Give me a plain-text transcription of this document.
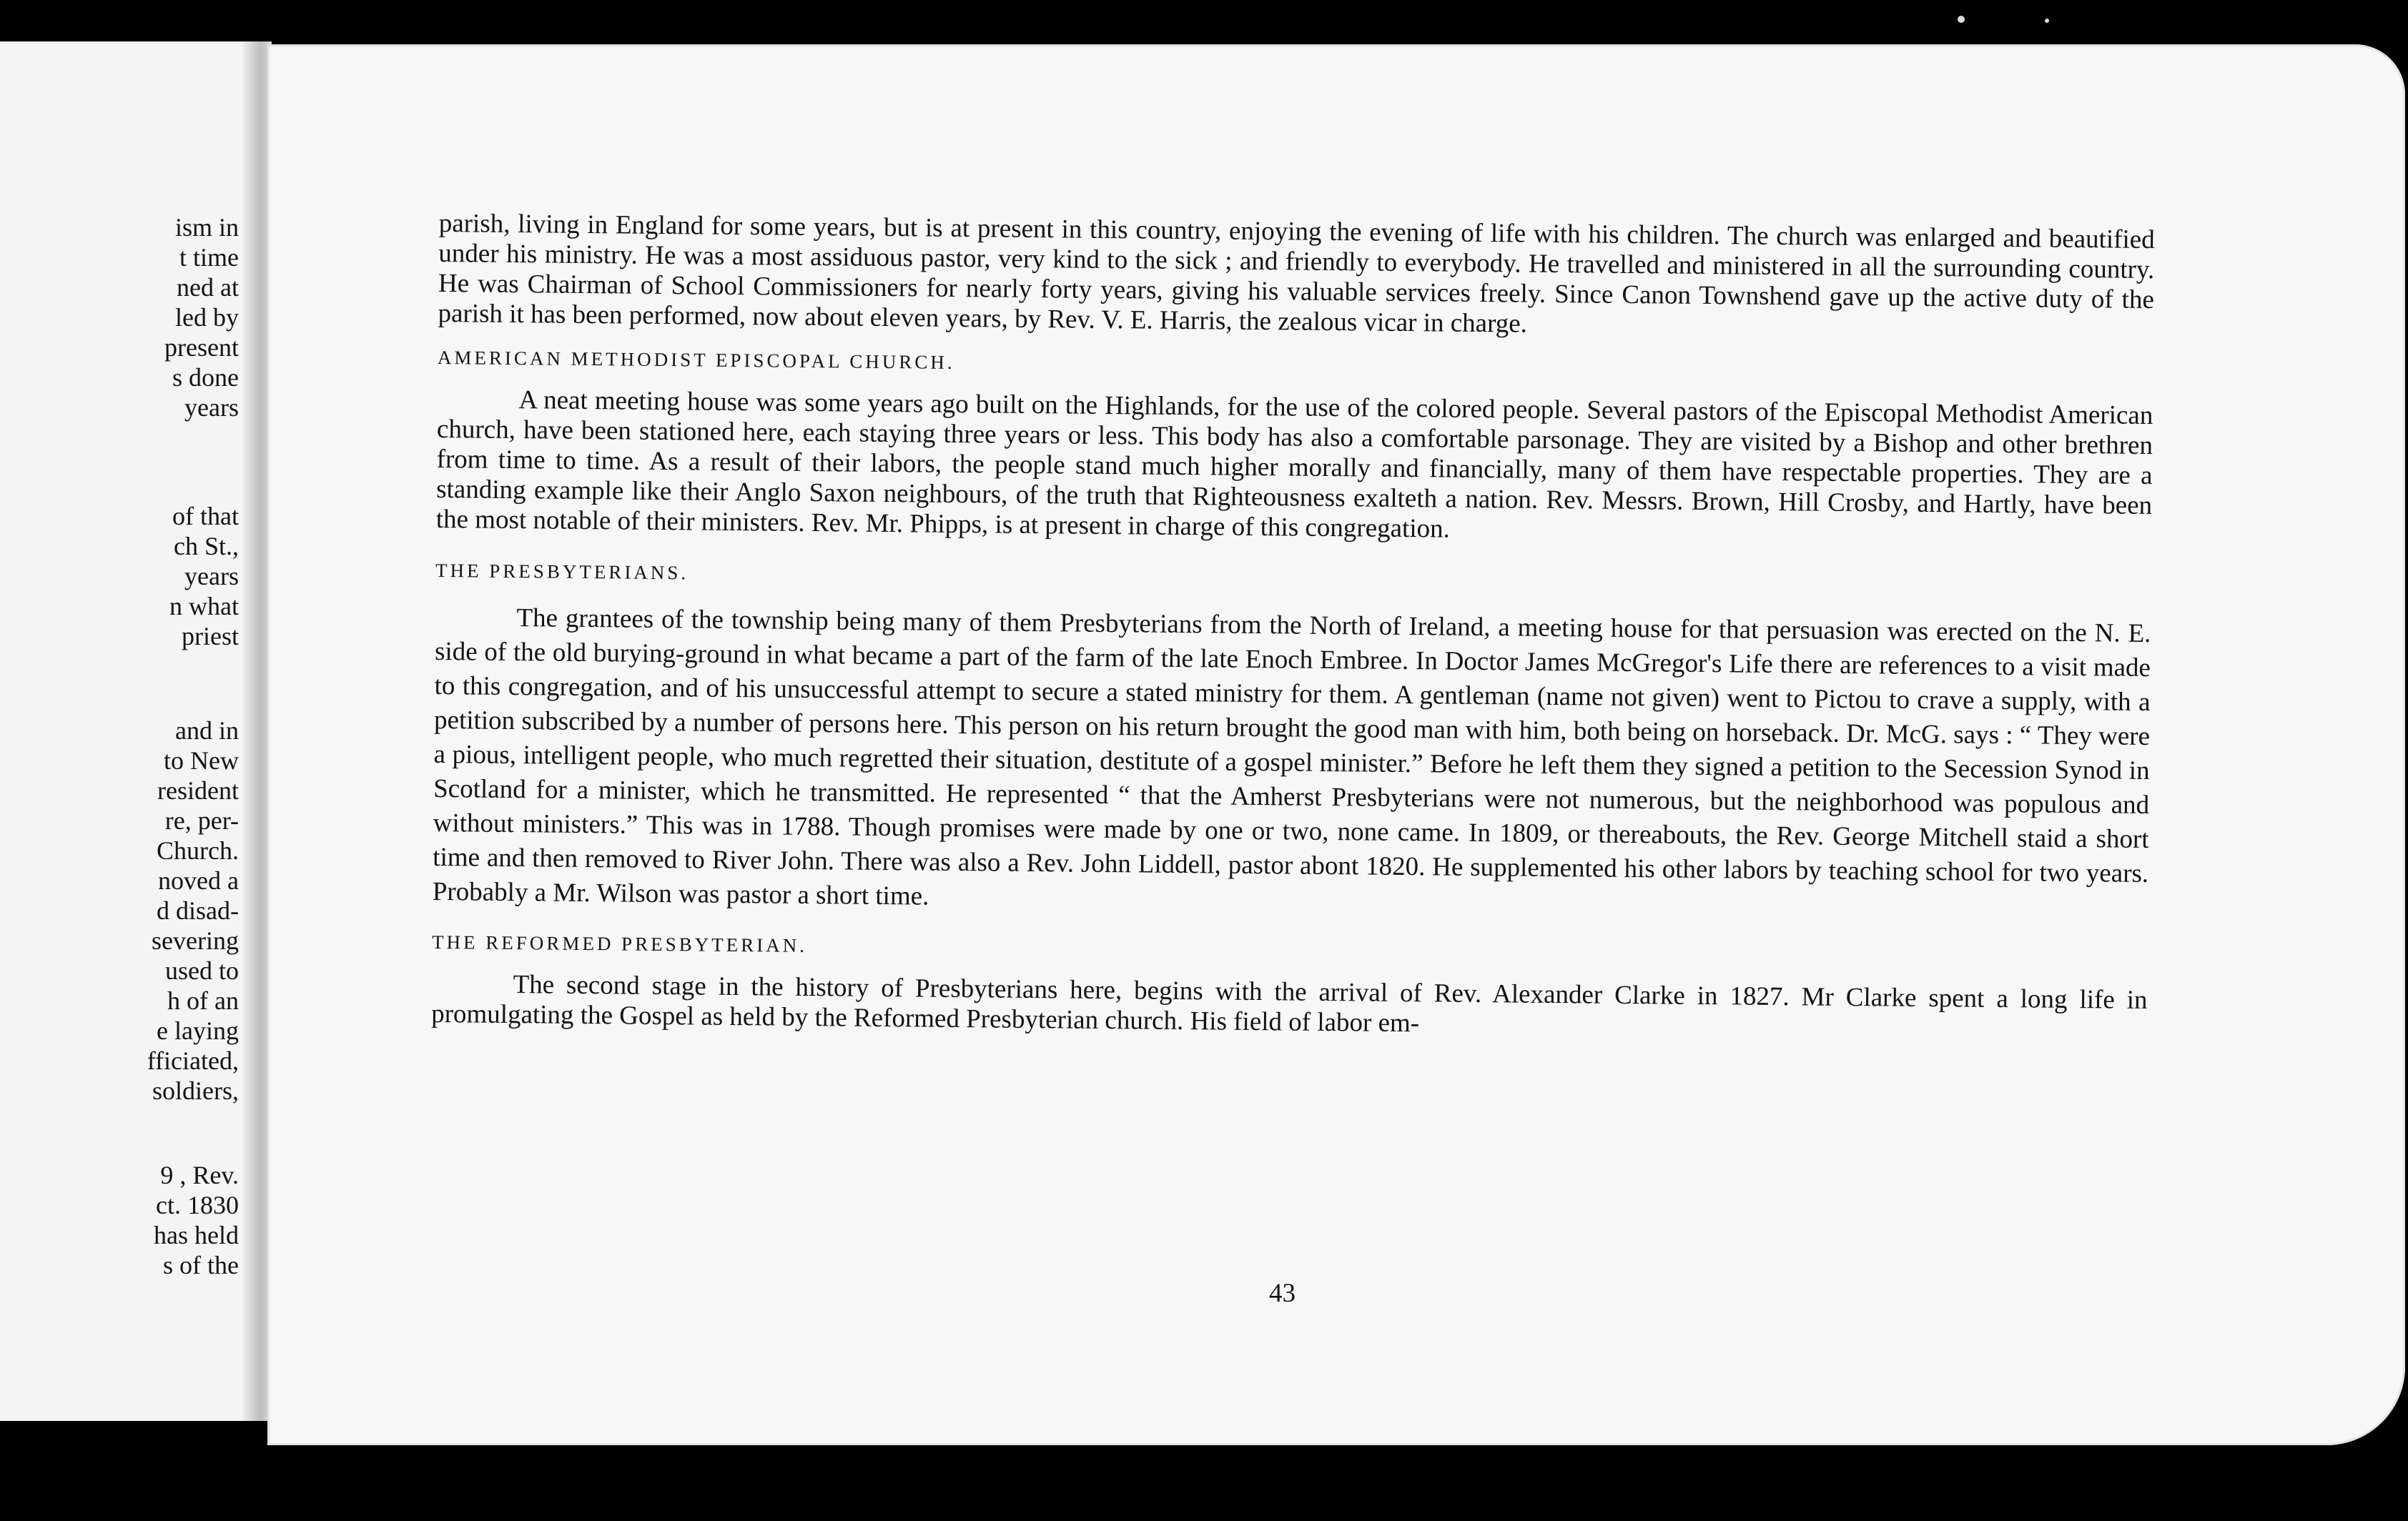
ism in
t time
ned at
led by
present
s done
years
of that
ch St.,
years
n what
priest
and in
to New
resident
re, per-
Church.
noved a
d disad-
severing
used to
h of an
e laying
fficiated,
soldiers,
9 , Rev.
ct. 1830
has held
s of the

parish, living in England for some years, but is at present in this country, enjoying the evening of life with his children. The church was enlarged and beautified under his ministry. He was a most assiduous pastor, very kind to the sick ; and friendly to everybody. He travelled and ministered in all the surrounding country. He was Chairman of School Commissioners for nearly forty years, giving his valuable services freely. Since Canon Townshend gave up the active duty of the parish it has been performed, now about eleven years, by Rev. V. E. Harris, the zealous vicar in charge.

AMERICAN METHODIST EPISCOPAL CHURCH.

A neat meeting house was some years ago built on the Highlands, for the use of the colored people. Several pastors of the Episcopal Methodist American church, have been stationed here, each staying three years or less. This body has also a comfortable parsonage. They are visited by a Bishop and other brethren from time to time. As a result of their labors, the people stand much higher morally and financially, many of them have respectable properties. They are a standing example like their Anglo Saxon neighbours, of the truth that Righteousness exalteth a nation. Rev. Messrs. Brown, Hill Crosby, and Hartly, have been the most notable of their ministers. Rev. Mr. Phipps, is at present in charge of this congregation.

THE PRESBYTERIANS.

The grantees of the township being many of them Presbyterians from the North of Ireland, a meeting house for that persuasion was erected on the N. E. side of the old burying-ground in what became a part of the farm of the late Enoch Embree. In Doctor James McGregor's Life there are references to a visit made to this congregation, and of his unsuccessful attempt to secure a stated ministry for them. A gentleman (name not given) went to Pictou to crave a supply, with a petition subscribed by a number of persons here. This person on his return brought the good man with him, both being on horseback. Dr. McG. says : “ They were a pious, intelligent people, who much regretted their situation, destitute of a gospel minister.” Before he left them they signed a petition to the Secession Synod in Scotland for a minister, which he transmitted. He represented “ that the Amherst Presbyterians were not numerous, but the neighborhood was populous and without ministers.” This was in 1788. Though promises were made by one or two, none came. In 1809, or thereabouts, the Rev. George Mitchell staid a short time and then removed to River John. There was also a Rev. John Liddell, pastor abont 1820. He supplemented his other labors by teaching school for two years. Probably a Mr. Wilson was pastor a short time.

THE REFORMED PRESBYTERIAN.

The second stage in the history of Presbyterians here, begins with the arrival of Rev. Alexander Clarke in 1827. Mr Clarke spent a long life in promulgating the Gospel as held by the Reformed Presbyterian church. His field of labor em-

43
